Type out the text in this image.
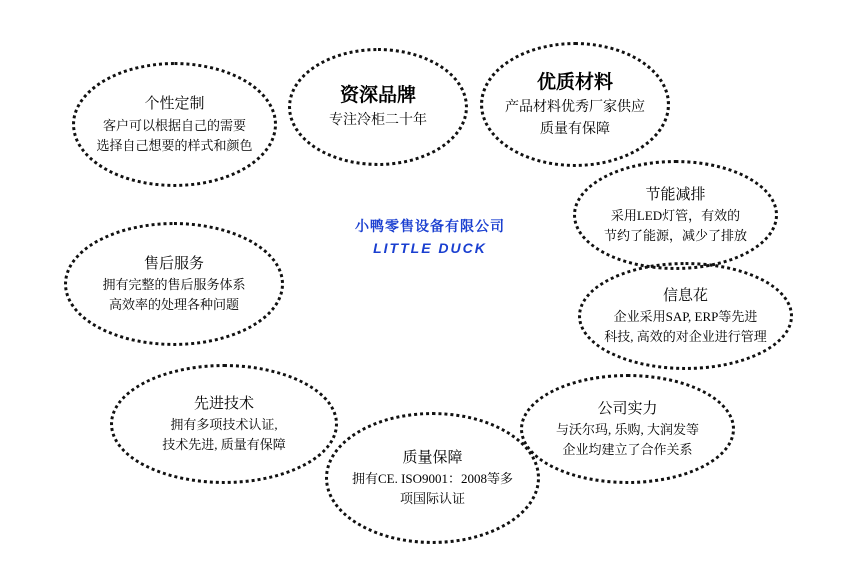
小鸭零售设备有限公司
LITTLE DUCK
个性定制
客户可以根据自己的需要
选择自己想要的样式和颜色
资深品牌
专注冷柜二十年
优质材料
产品材料优秀厂家供应
质量有保障
节能减排
采用LED灯管，有效的
节约了能源，减少了排放
售后服务
拥有完整的售后服务体系
高效率的处理各种问题
信息花
企业采用SAP, ERP等先进
科技, 高效的对企业进行管理
先进技术
拥有多项技术认证,
技术先进, 质量有保障
公司实力
与沃尔玛, 乐购, 大润发等
企业均建立了合作关系
质量保障
拥有CE. ISO9001：2008等多
项国际认证
